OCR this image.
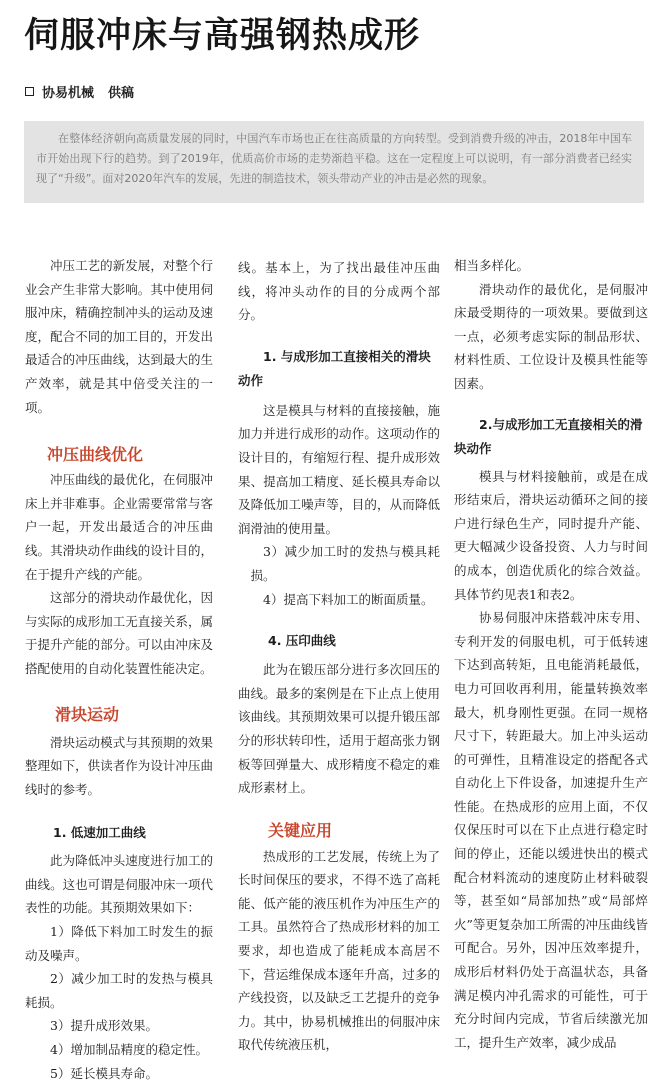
伺服冲床与高强钢热成形
协易机械 供稿
在整体经济朝向高质量发展的同时，中国汽车市场也正在往高质量的方向转型。受到消费升级的冲击，2018年中国车市开始出现下行的趋势。到了2019年，优质高价市场的走势渐趋平稳。这在一定程度上可以说明，有一部分消费者已经实现了“升级”。面对2020年汽车的发展，先进的制造技术，领头带动产业的冲击是必然的现象。

冲压工艺的新发展，对整个行业会产生非常大影响。其中使用伺服冲床，精确控制冲头的运动及速度，配合不同的加工目的，开发出最适合的冲压曲线，达到最大的生产效率，就是其中倍受关注的一项。

冲压曲线优化

冲压曲线的最优化，在伺服冲床上并非难事。企业需要常常与客户一起，开发出最适合的冲压曲线。其滑块动作曲线的设计目的，在于提升产线的产能。

这部分的滑块动作最优化，因与实际的成形加工无直接关系，属于提升产能的部分。可以由冲床及搭配使用的自动化装置性能决定。

滑块运动

滑块运动模式与其预期的效果整理如下，供读者作为设计冲压曲线时的参考。

1. 低速加工曲线

此为降低冲头速度进行加工的曲线。这也可谓是伺服冲床一项代表性的功能。其预期效果如下：

1）降低下料加工时发生的振动及噪声。

2）减少加工时的发热与模具耗损。

3）提升成形效果。

4）增加制品精度的稳定性。

5）延长模具寿命。

线。基本上，为了找出最佳冲压曲线，将冲头动作的目的分成两个部分。

1. 与成形加工直接相关的滑块动作

这是模具与材料的直接接触，施加力并进行成形的动作。这项动作的设计目的，有缩短行程、提升成形效果、提高加工精度、延长模具寿命以及降低加工噪声等，目的，从而降低润滑油的使用量。

3）减少加工时的发热与模具耗损。

4）提高下料加工的断面质量。

4. 压印曲线

此为在锻压部分进行多次回压的曲线。最多的案例是在下止点上使用该曲线。其预期效果可以提升锻压部分的形状转印性，适用于超高张力钢板等回弹量大、成形精度不稳定的难成形素材上。

关键应用

热成形的工艺发展，传统上为了长时间保压的要求，不得不选了高耗能、低产能的液压机作为冲压生产的工具。虽然符合了热成形材料的加工要求，却也造成了能耗成本高居不下，营运维保成本逐年升高，过多的产线投资，以及缺乏工艺提升的竞争力。其中，协易机械推出的伺服冲床取代传统液压机，

相当多样化。

滑块动作的最优化，是伺服冲床最受期待的一项效果。要做到这一点，必须考虑实际的制品形状、材料性质、工位设计及模具性能等因素。

2.与成形加工无直接相关的滑块动作

模具与材料接触前，或是在成形结束后，滑块运动循环之间的接户进行绿色生产，同时提升产能、更大幅减少设备投资、人力与时间的成本，创造优质化的综合效益。具体节约见表1和表2。

协易伺服冲床搭载冲床专用、专利开发的伺服电机，可于低转速下达到高转矩，且电能消耗最低，电力可回收再利用，能量转换效率最大，机身刚性更强。在同一规格尺寸下，转距最大。加上冲头运动的可弹性，且精准设定的搭配各式自动化上下件设备，加速提升生产性能。在热成形的应用上面，不仅仅保压时可以在下止点进行稳定时间的停止，还能以缓进快出的模式配合材料流动的速度防止材料破裂等，甚至如“局部加热”或“局部焠火”等更复杂加工所需的冲压曲线皆可配合。另外，因冲压效率提升，成形后材料仍处于高温状态，具备满足模内冲孔需求的可能性，可于充分时间内完成，节省后续激光加工，提升生产效率，减少成品
